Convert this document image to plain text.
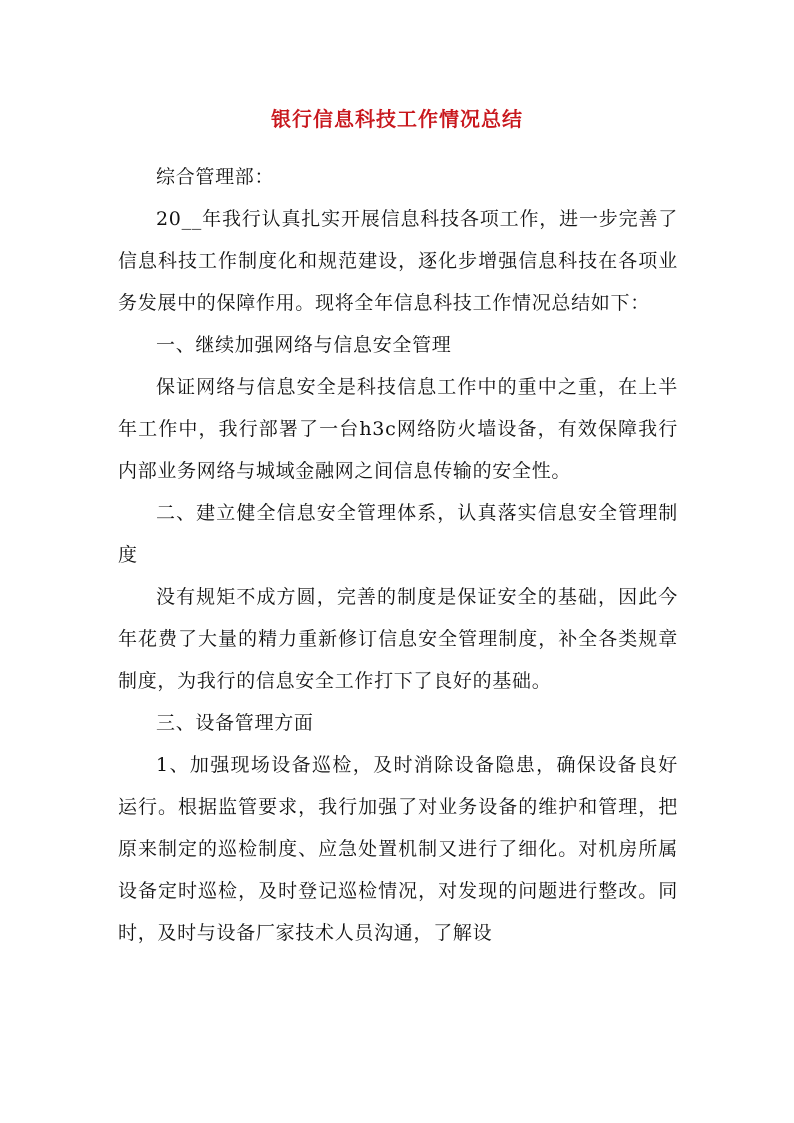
银行信息科技工作情况总结

综合管理部：

20__年我行认真扎实开展信息科技各项工作，进一步完善了信息科技工作制度化和规范建设，逐化步增强信息科技在各项业务发展中的保障作用。现将全年信息科技工作情况总结如下：

一、继续加强网络与信息安全管理

保证网络与信息安全是科技信息工作中的重中之重，在上半年工作中，我行部署了一台h3c网络防火墙设备，有效保障我行内部业务网络与城域金融网之间信息传输的安全性。

二、建立健全信息安全管理体系，认真落实信息安全管理制度

没有规矩不成方圆，完善的制度是保证安全的基础，因此今年花费了大量的精力重新修订信息安全管理制度，补全各类规章制度，为我行的信息安全工作打下了良好的基础。

三、设备管理方面

1、加强现场设备巡检，及时消除设备隐患，确保设备良好运行。根据监管要求，我行加强了对业务设备的维护和管理，把原来制定的巡检制度、应急处置机制又进行了细化。对机房所属设备定时巡检，及时登记巡检情况，对发现的问题进行整改。同时，及时与设备厂家技术人员沟通，了解设
